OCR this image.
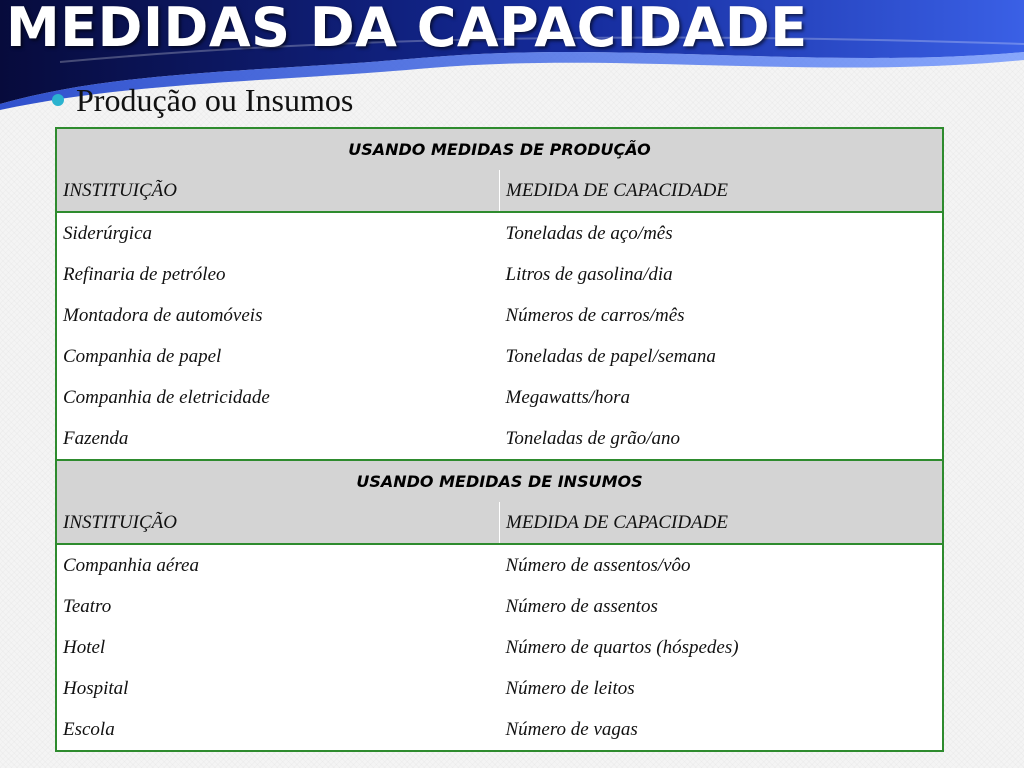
MEDIDAS DA CAPACIDADE
Produção ou Insumos
USANDO MEDIDAS DE PRODUÇÃO	
INSTITUIÇÃO	MEDIDA DE CAPACIDADE
Siderúrgica	Toneladas de aço/mês
Refinaria de petróleo	Litros de gasolina/dia
Montadora de automóveis	Números de carros/mês
Companhia de papel	Toneladas de papel/semana
Companhia de eletricidade	Megawatts/hora
Fazenda	Toneladas de grão/ano
USANDO MEDIDAS DE INSUMOS	
INSTITUIÇÃO	MEDIDA DE CAPACIDADE
Companhia aérea	Número de assentos/vôo
Teatro	Número de assentos
Hotel	Número de quartos (hóspedes)
Hospital	Número de leitos
Escola	Número de vagas
